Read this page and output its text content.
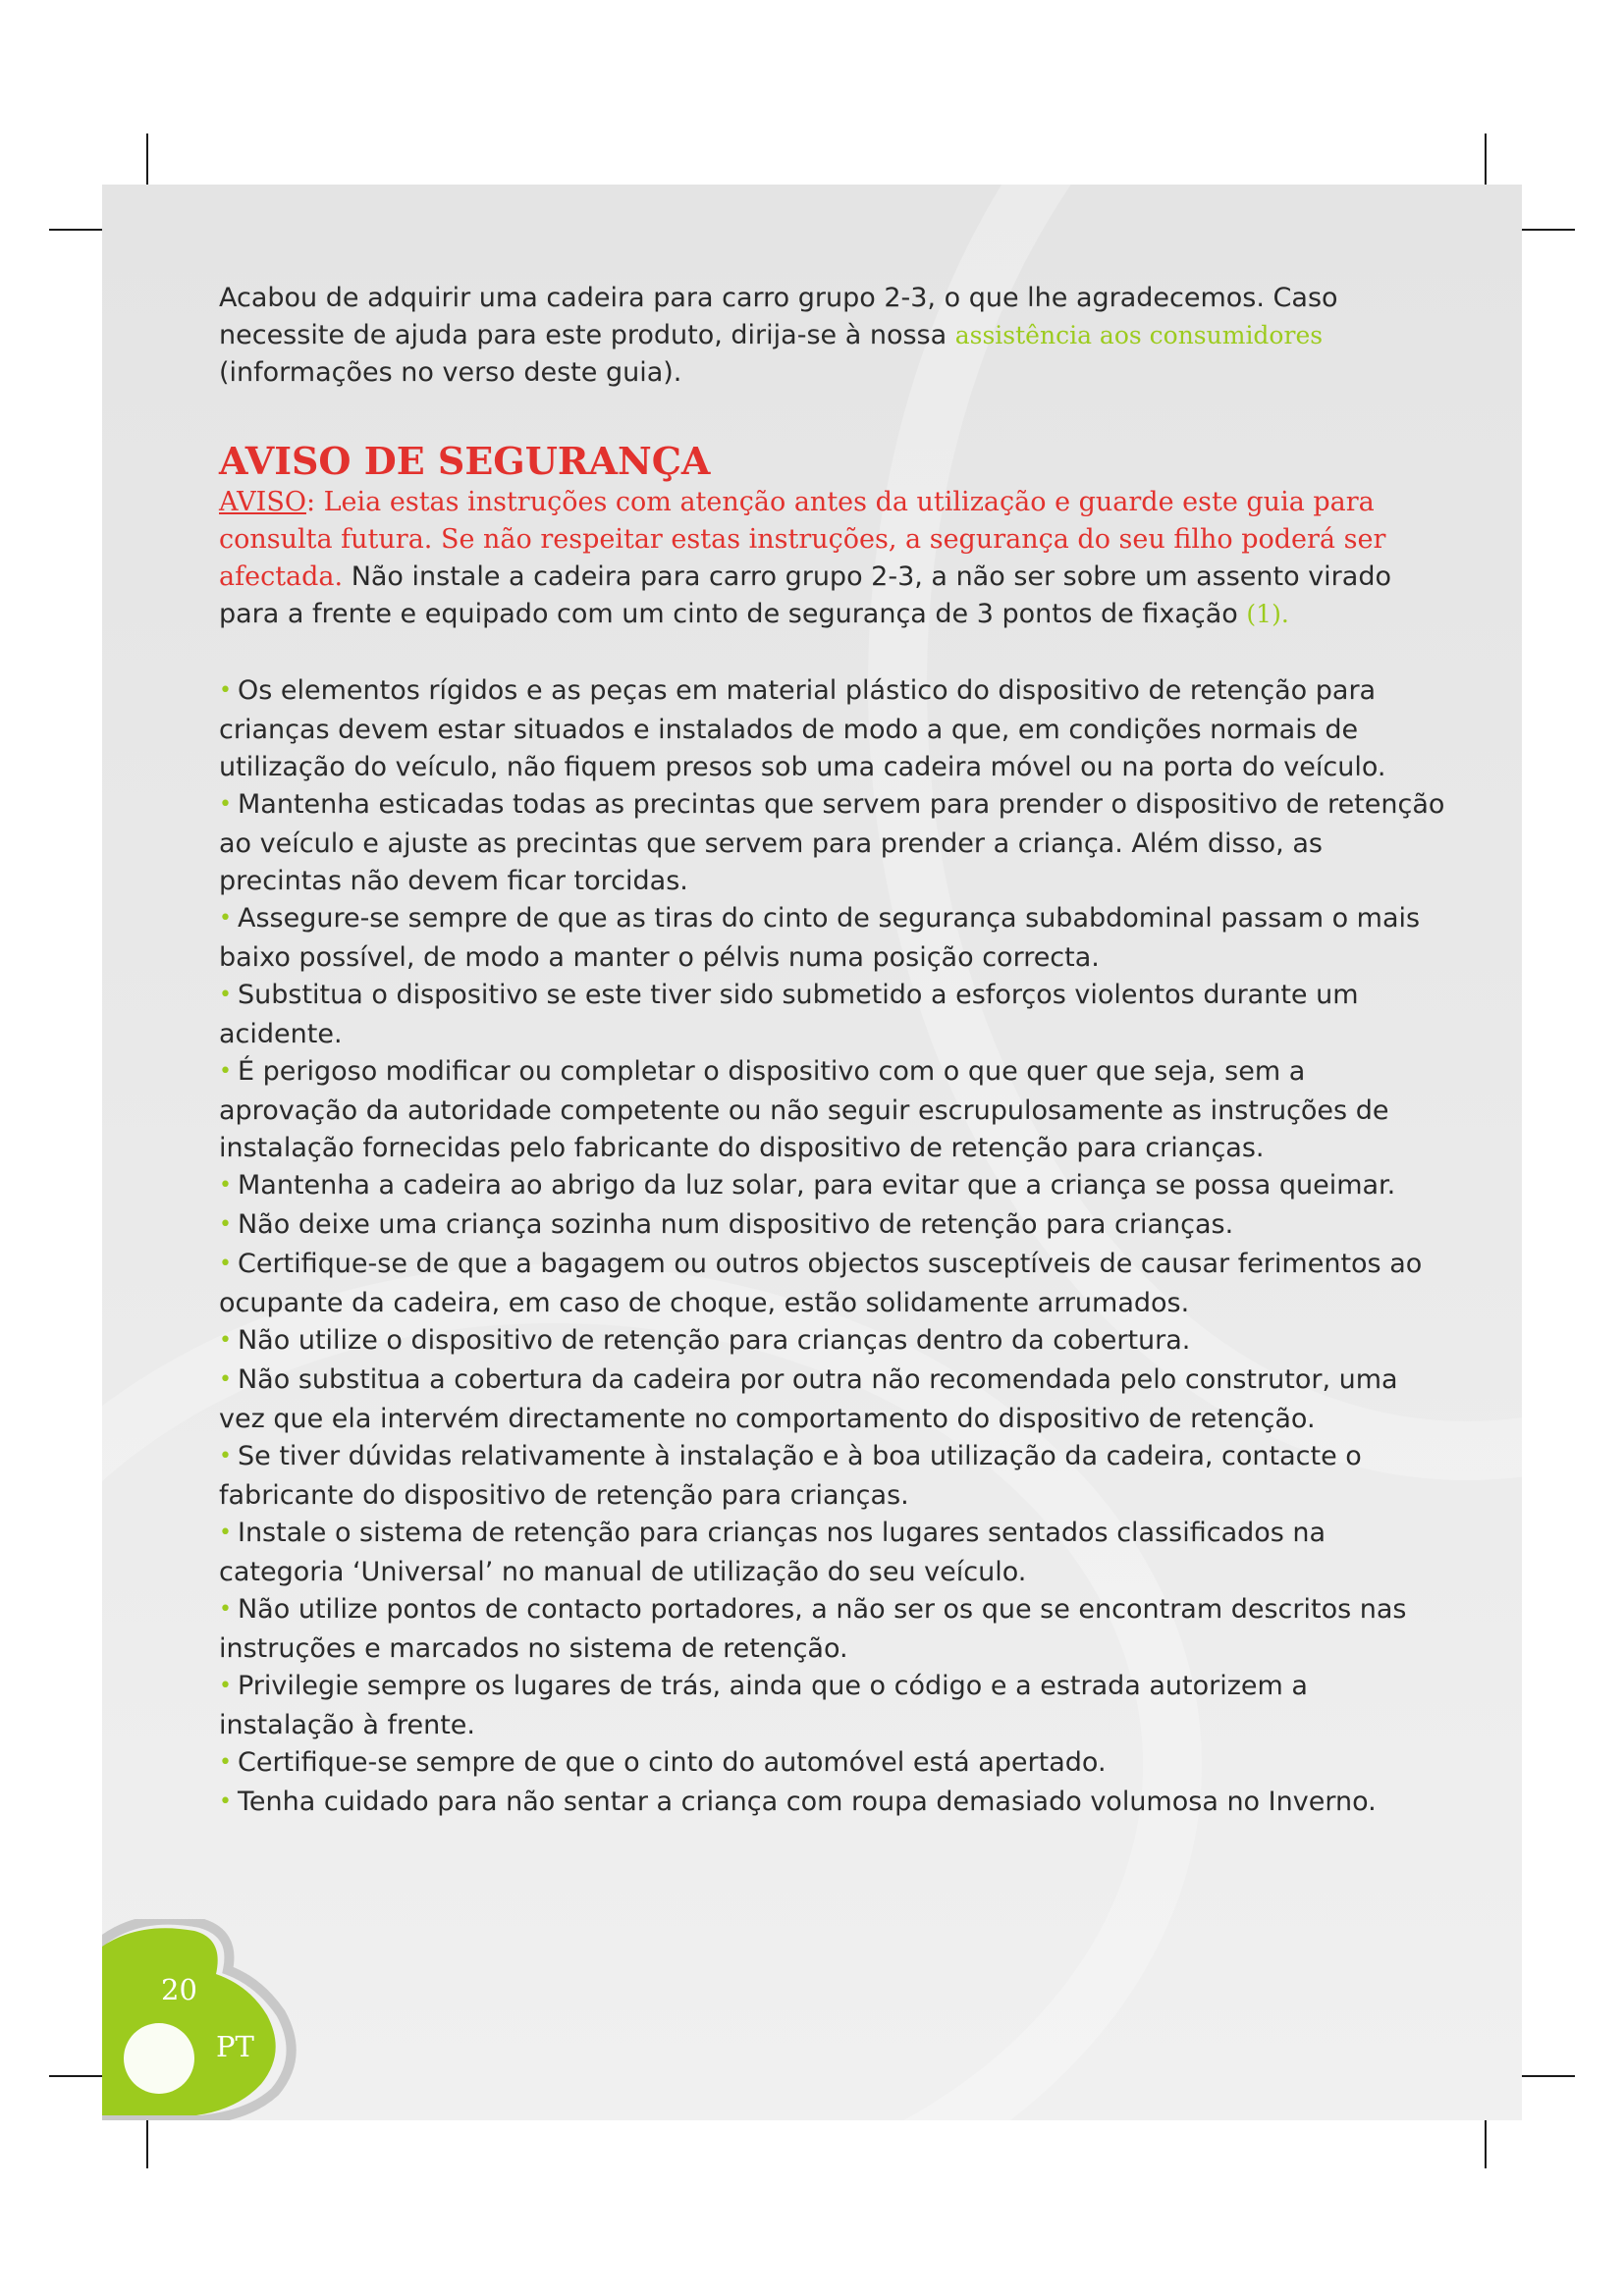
Acabou de adquirir uma cadeira para carro grupo 2-3, o que lhe agradecemos. Caso necessite de ajuda para este produto, dirija-se à nossa assistência aos consumidores (informações no verso deste guia).

AVISO DE SEGURANÇA

AVISO: Leia estas instruções com atenção antes da utilização e guarde este guia para consulta futura. Se não respeitar estas instruções, a segurança do seu filho poderá ser afectada. Não instale a cadeira para carro grupo 2-3, a não ser sobre um assento virado para a frente e equipado com um cinto de segurança de 3 pontos de fixação (1).

• Os elementos rígidos e as peças em material plástico do dispositivo de retenção para crianças devem estar situados e instalados de modo a que, em condições normais de utilização do veículo, não fiquem presos sob uma cadeira móvel ou na porta do veículo.
• Mantenha esticadas todas as precintas que servem para prender o dispositivo de retenção ao veículo e ajuste as precintas que servem para prender a criança. Além disso, as precintas não devem ficar torcidas.
• Assegure-se sempre de que as tiras do cinto de segurança subabdominal passam o mais baixo possível, de modo a manter o pélvis numa posição correcta.
• Substitua o dispositivo se este tiver sido submetido a esforços violentos durante um acidente.
• É perigoso modificar ou completar o dispositivo com o que quer que seja, sem a aprovação da autoridade competente ou não seguir escrupulosamente as instruções de instalação fornecidas pelo fabricante do dispositivo de retenção para crianças.
• Mantenha a cadeira ao abrigo da luz solar, para evitar que a criança se possa queimar.
• Não deixe uma criança sozinha num dispositivo de retenção para crianças.
• Certifique-se de que a bagagem ou outros objectos susceptíveis de causar ferimentos ao ocupante da cadeira, em caso de choque, estão solidamente arrumados.
• Não utilize o dispositivo de retenção para crianças dentro da cobertura.
• Não substitua a cobertura da cadeira por outra não recomendada pelo construtor, uma vez que ela intervém directamente no comportamento do dispositivo de retenção.
• Se tiver dúvidas relativamente à instalação e à boa utilização da cadeira, contacte o fabricante do dispositivo de retenção para crianças.
• Instale o sistema de retenção para crianças nos lugares sentados classificados na categoria ‘Universal’ no manual de utilização do seu veículo.
• Não utilize pontos de contacto portadores, a não ser os que se encontram descritos nas instruções e marcados no sistema de retenção.
• Privilegie sempre os lugares de trás, ainda que o código e a estrada autorizem a instalação à frente.
• Certifique-se sempre de que o cinto do automóvel está apertado.
• Tenha cuidado para não sentar a criança com roupa demasiado volumosa no Inverno.
20
PT
